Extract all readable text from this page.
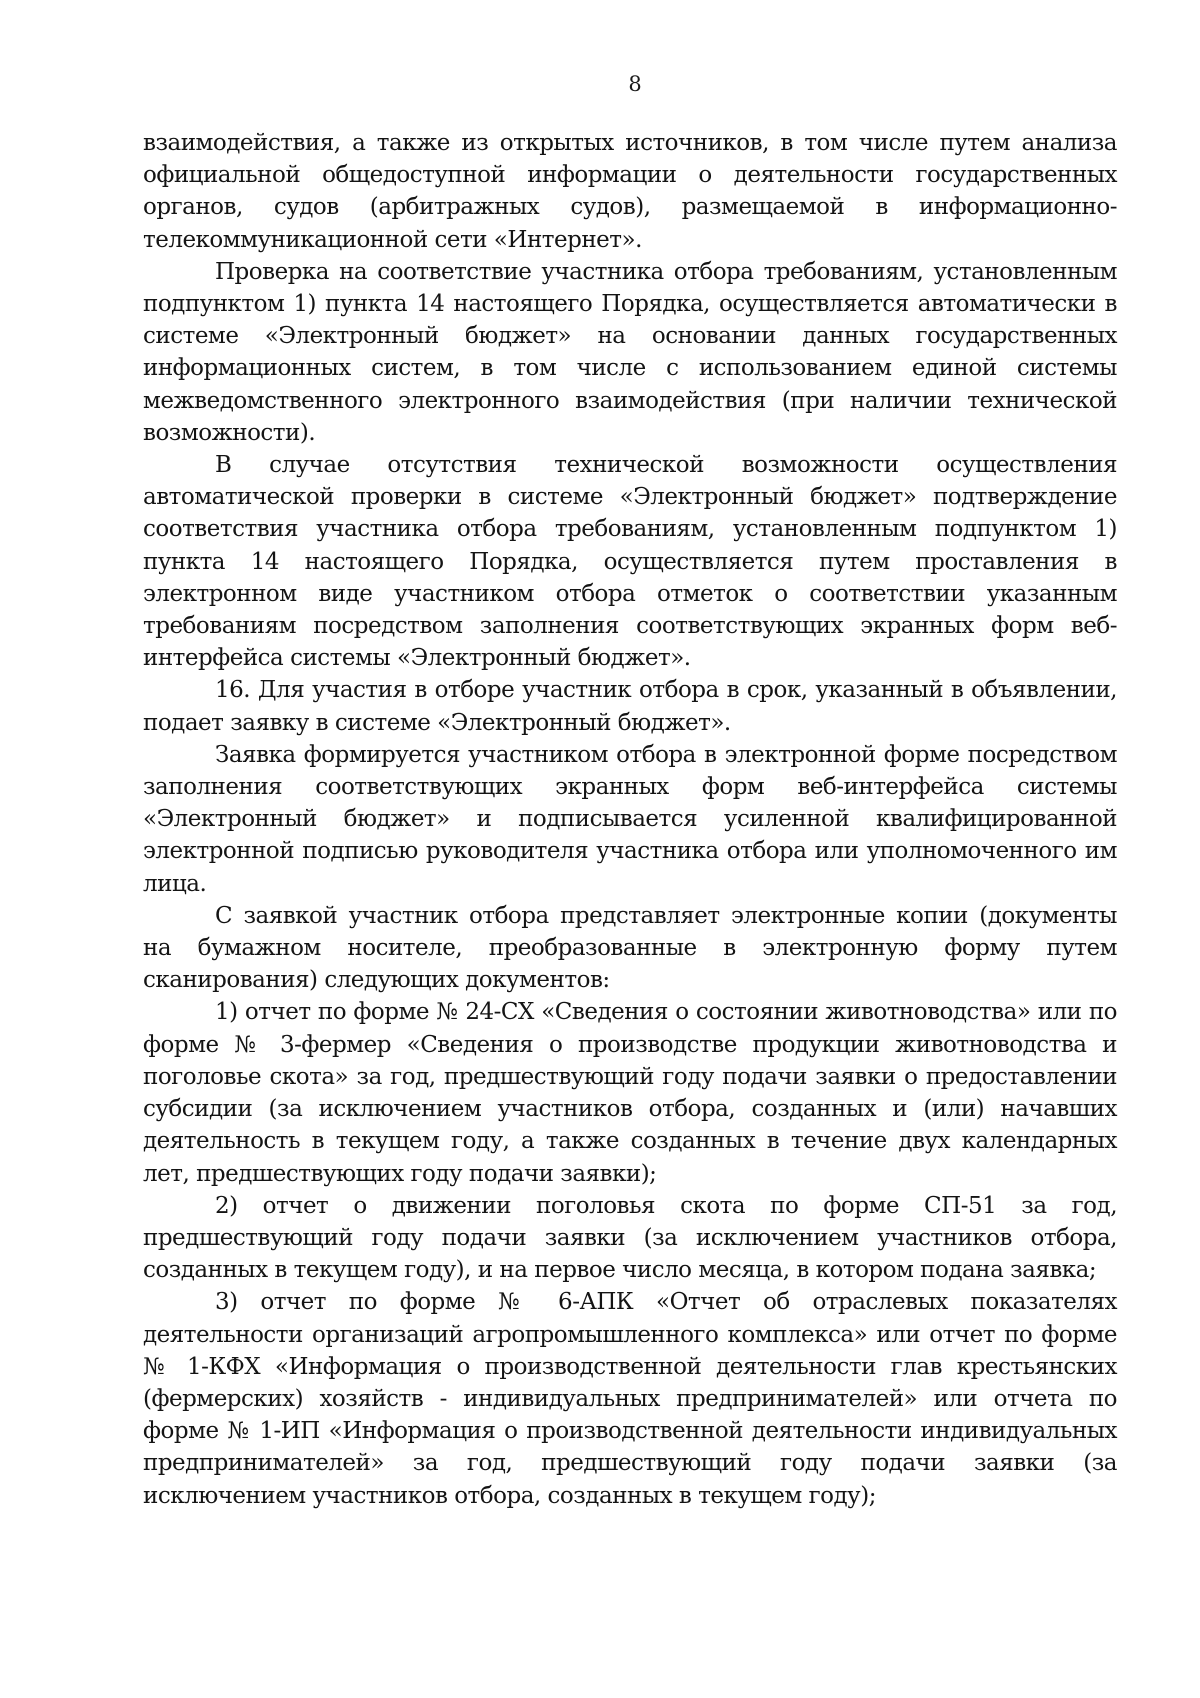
8

взаимодействия, а также из открытых источников, в том числе путем анализа официальной общедоступной информации о деятельности государственных органов, судов (арбитражных судов), размещаемой в информационно-телекоммуникационной сети «Интернет».

Проверка на соответствие участника отбора требованиям, установленным подпунктом 1) пункта 14 настоящего Порядка, осуществляется автоматически в системе «Электронный бюджет» на основании данных государственных информационных систем, в том числе с использованием единой системы межведомственного электронного взаимодействия (при наличии технической возможности).

В случае отсутствия технической возможности осуществления автоматической проверки в системе «Электронный бюджет» подтверждение соответствия участника отбора требованиям, установленным подпунктом 1) пункта 14 настоящего Порядка, осуществляется путем проставления в электронном виде участником отбора отметок о соответствии указанным требованиям посредством заполнения соответствующих экранных форм веб-интерфейса системы «Электронный бюджет».

16. Для участия в отборе участник отбора в срок, указанный в объявлении, подает заявку в системе «Электронный бюджет».

Заявка формируется участником отбора в электронной форме посредством заполнения соответствующих экранных форм веб-интерфейса системы «Электронный бюджет» и подписывается усиленной квалифицированной электронной подписью руководителя участника отбора или уполномоченного им лица.

С заявкой участник отбора представляет электронные копии (документы на бумажном носителе, преобразованные в электронную форму путем сканирования) следующих документов:

1) отчет по форме № 24-СХ «Сведения о состоянии животноводства» или по форме № 3-фермер «Сведения о производстве продукции животноводства и поголовье скота» за год, предшествующий году подачи заявки о предоставлении субсидии (за исключением участников отбора, созданных и (или) начавших деятельность в текущем году, а также созданных в течение двух календарных лет, предшествующих году подачи заявки);

2) отчет о движении поголовья скота по форме СП-51 за год, предшествующий году подачи заявки (за исключением участников отбора, созданных в текущем году), и на первое число месяца, в котором подана заявка;

3) отчет по форме № 6-АПК «Отчет об отраслевых показателях деятельности организаций агропромышленного комплекса» или отчет по форме № 1-КФХ «Информация о производственной деятельности глав крестьянских (фермерских) хозяйств - индивидуальных предпринимателей» или отчета по форме № 1-ИП «Информация о производственной деятельности индивидуальных предпринимателей» за год, предшествующий году подачи заявки (за исключением участников отбора, созданных в текущем году);
